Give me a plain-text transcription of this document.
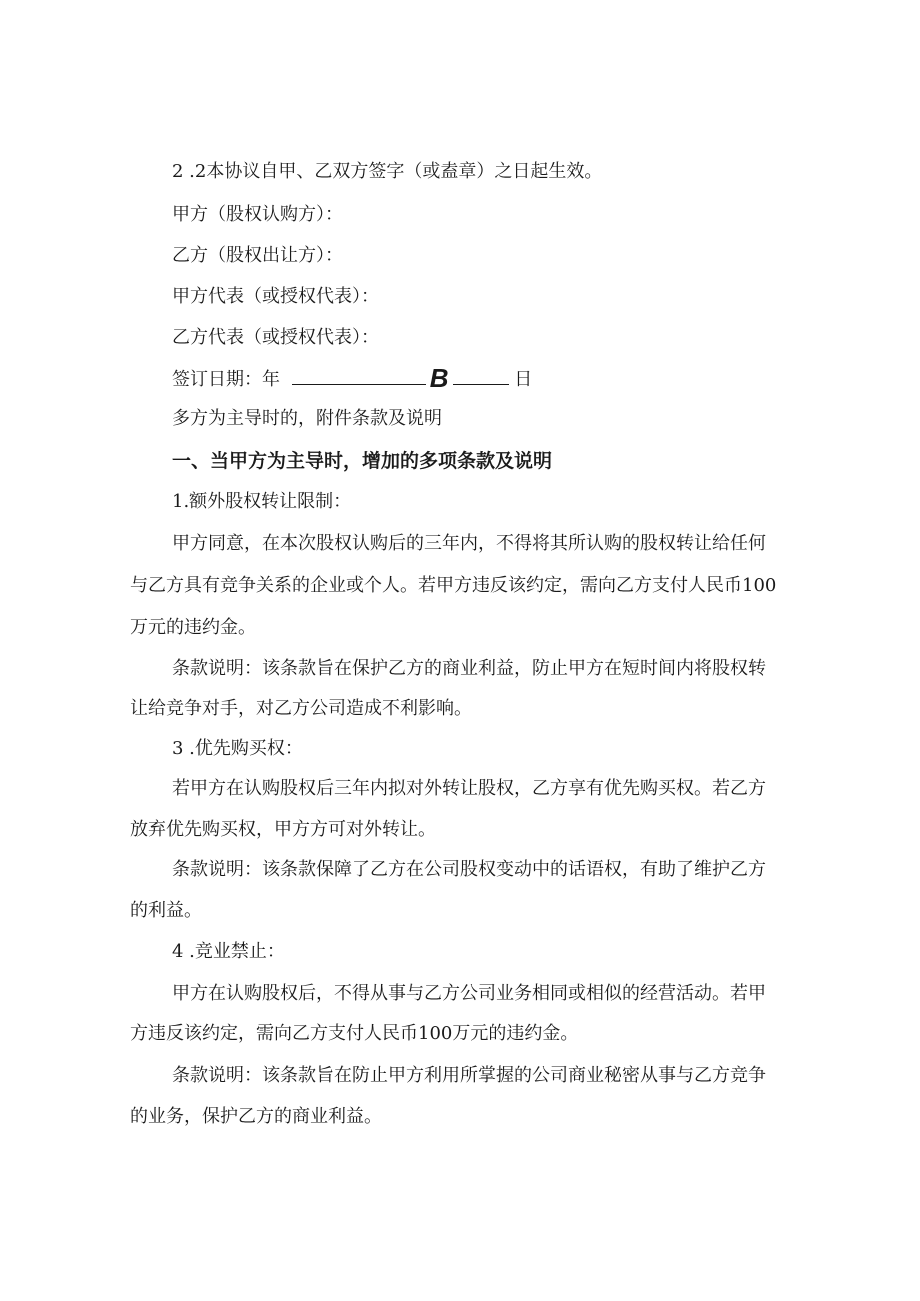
2 .2本协议自甲、乙双方签字（或盍章）之日起生效。
甲方（股权认购方）：
乙方（股权出让方）：
甲方代表（或授权代表）：
乙方代表（或授权代表）：
签订日期：年	B	日
多方为主导时的，附件条款及说明
一、当甲方为主导时，增加的多项条款及说明
1.额外股权转让限制：
甲方同意，在本次股权认购后的三年内，不得将其所认购的股权转让给任何
与乙方具有竞争关系的企业或个人。若甲方违反该约定，需向乙方支付人民币100
万元的违约金。
条款说明：该条款旨在保护乙方的商业利益，防止甲方在短时间内将股权转
让给竞争对手，对乙方公司造成不利影响。
3 .优先购买权：
若甲方在认购股权后三年内拟对外转让股权，乙方享有优先购买权。若乙方
放弃优先购买权，甲方方可对外转让。
条款说明：该条款保障了乙方在公司股权变动中的话语权，有助了维护乙方
的利益。
4 .竞业禁止：
甲方在认购股权后，不得从事与乙方公司业务相同或相似的经营活动。若甲
方违反该约定，需向乙方支付人民币100万元的违约金。
条款说明：该条款旨在防止甲方利用所掌握的公司商业秘密从事与乙方竞争
的业务，保护乙方的商业利益。
